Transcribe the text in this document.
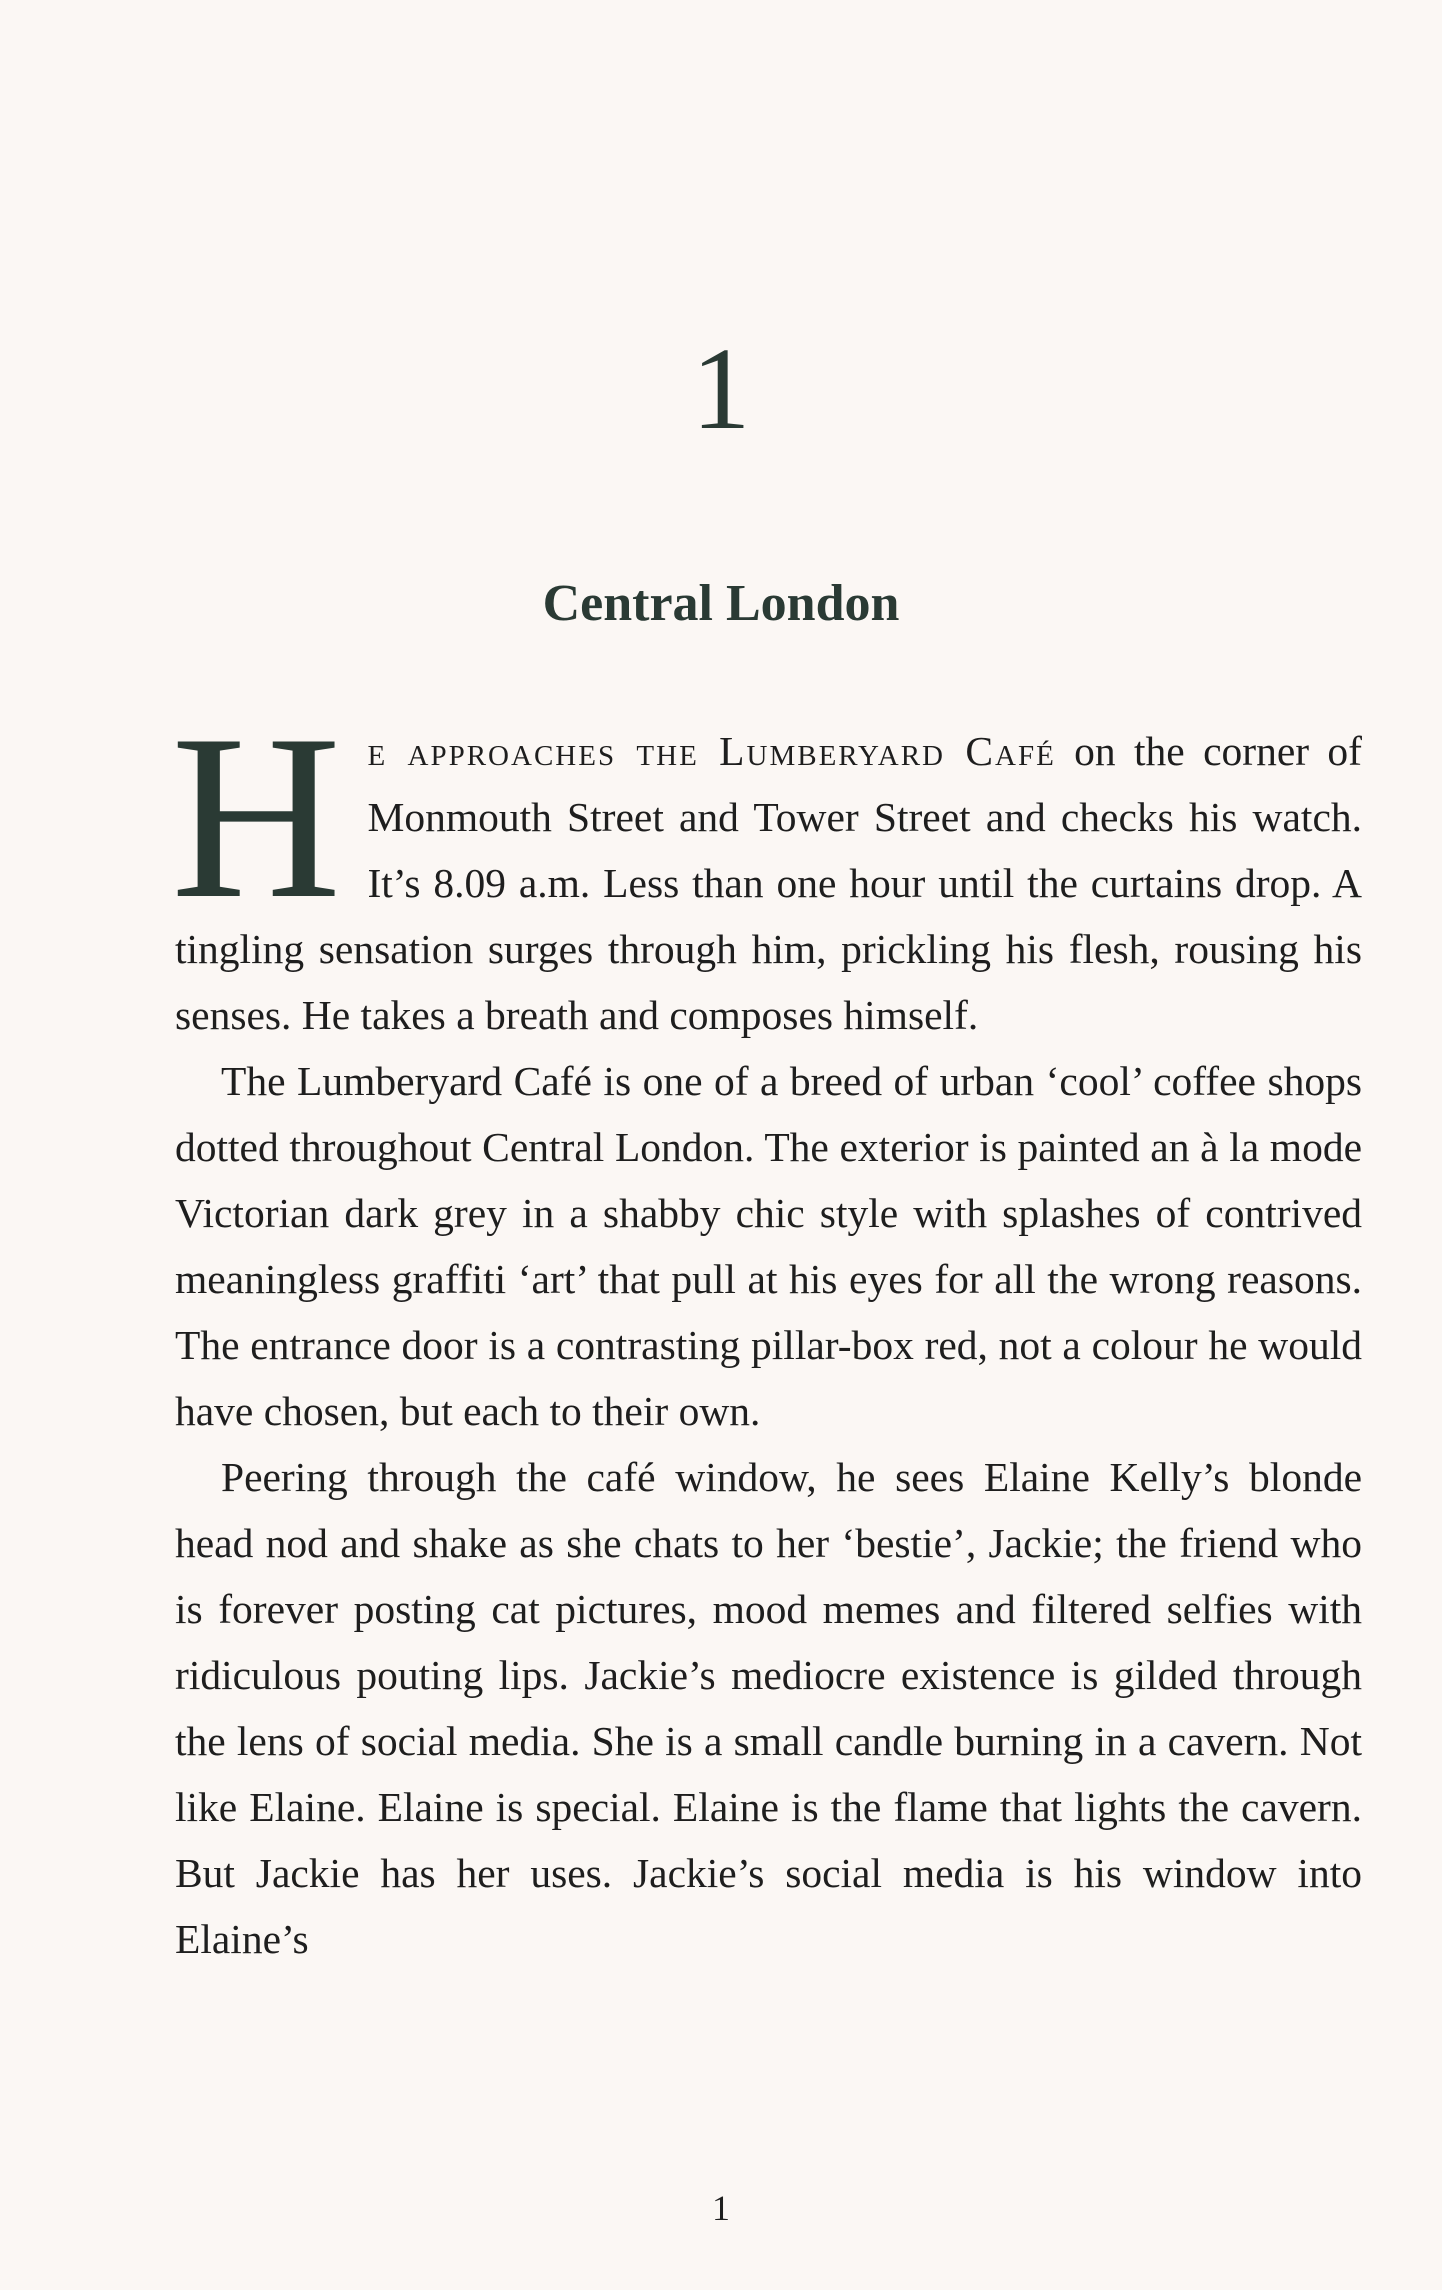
1
Central London

He approaches the Lumberyard Café on the corner of Monmouth Street and Tower Street and checks his watch. It’s 8.09 a.m. Less than one hour until the curtains drop. A tingling sensation surges through him, prickling his flesh, rousing his senses. He takes a breath and composes himself.

The Lumberyard Café is one of a breed of urban ‘cool’ coffee shops dotted throughout Central London. The exterior is painted an à la mode Victorian dark grey in a shabby chic style with splashes of contrived meaningless graffiti ‘art’ that pull at his eyes for all the wrong reasons. The entrance door is a contrasting pillar-box red, not a colour he would have chosen, but each to their own.

Peering through the café window, he sees Elaine Kelly’s blonde head nod and shake as she chats to her ‘bestie’, Jackie; the friend who is forever posting cat pictures, mood memes and filtered selfies with ridiculous pouting lips. Jackie’s mediocre existence is gilded through the lens of social media. She is a small candle burning in a cavern. Not like Elaine. Elaine is special. Elaine is the flame that lights the cavern. But Jackie has her uses. Jackie’s social media is his window into Elaine’s

1
